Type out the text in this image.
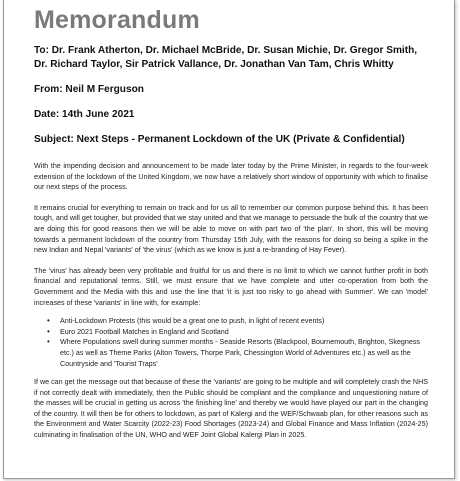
Memorandum

To: Dr. Frank Atherton, Dr. Michael McBride, Dr. Susan Michie, Dr. Gregor Smith, Dr. Richard Taylor, Sir Patrick Vallance, Dr. Jonathan Van Tam, Chris Whitty

From: Neil M Ferguson

Date: 14th June 2021

Subject: Next Steps - Permanent Lockdown of the UK (Private & Confidential)

With the impending decision and announcement to be made later today by the Prime Minister, in regards to the four-week extension of the lockdown of the United Kingdom, we now have a relatively short window of opportunity with which to finalise our next steps of the process.

It remains crucial for everything to remain on track and for us all to remember our common purpose behind this. It has been tough, and will get tougher, but provided that we stay united and that we manage to persuade the bulk of the country that we are doing this for good reasons then we will be able to move on with part two of 'the plan'. In short, this will be moving towards a permanent lockdown of the country from Thursday 15th July, with the reasons for doing so being a spike in the new Indian and Nepal 'variants' of 'the virus' (which as we know is just a re-branding of Hay Fever).

The 'virus' has already been very profitable and fruitful for us and there is no limit to which we cannot further profit in both financial and reputational terms. Still, we must ensure that we have complete and utter co-operation from both the Government and the Media with this and use the line that 'it is just too risky to go ahead with Summer'. We can 'model' increases of these 'variants' in line with, for example:

• Anti-Lockdown Protests (this would be a great one to push, in light of recent events)
• Euro 2021 Football Matches in England and Scotland
• Where Populations swell during summer months - Seaside Resorts (Blackpool, Bournemouth, Brighton, Skegness etc.) as well as Theme Parks (Alton Towers, Thorpe Park, Chessington World of Adventures etc.) as well as the Countryside and 'Tourist Traps'

If we can get the message out that because of these the 'variants' are going to be multiple and will completely crash the NHS if not correctly dealt with immediately, then the Public should be compliant and the compliance and unquestioning nature of the masses will be crucial in getting us across 'the finishing line' and thereby we would have played our part in the changing of the country. It will then be for others to lockdown, as part of Kalergi and the WEF/Schwaab plan, for other reasons such as the Environment and Water Scarcity (2022-23) Food Shortages (2023-24) and Global Finance and Mass Inflation (2024-25) culminating in finalisation of the UN, WHO and WEF Joint Global Kalergi Plan in 2025.
